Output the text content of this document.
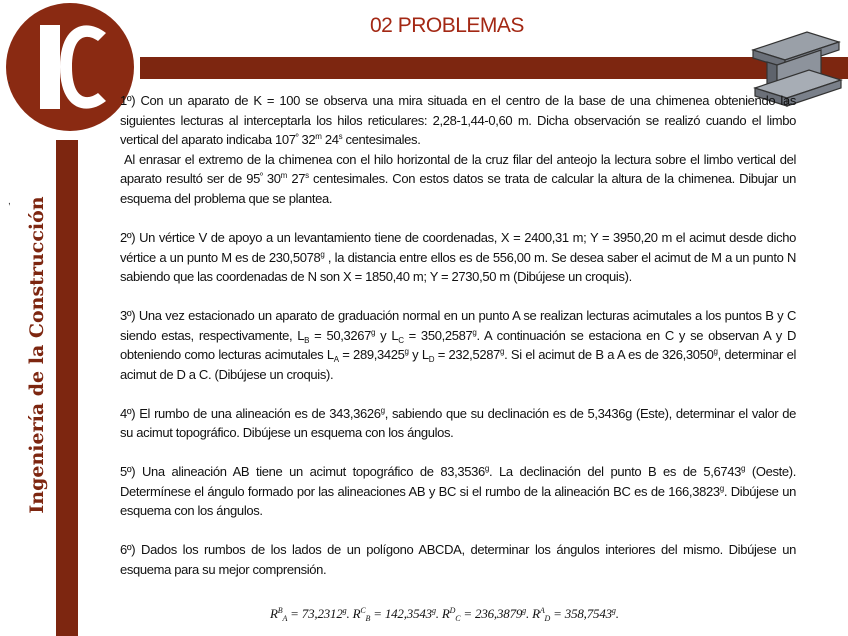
Ingeniería de la Construcción
,
,
02 PROBLEMAS

1º) Con un aparato de K = 100 se observa una mira situada en el centro de la base de una chimenea obteniendo las siguientes lecturas al interceptarla los hilos reticulares: 2,28-1,44-0,60 m. Dicha observación se realizó cuando el limbo vertical del aparato indicaba $107^º$ 32$^m$ 24$^s$ centesimales.
Al enrasar el extremo de la chimenea con el hilo horizontal de la cruz filar del anteojo la lectura sobre el limbo vertical del aparato resultó ser de $95^º$ 30$^m$ 27$^s$ centesimales. Con estos datos se trata de calcular la altura de la chimenea. Dibujar un esquema del problema que se plantea.

2º) Un vértice V de apoyo a un levantamiento tiene de coordenadas, X = 2400,31 m; Y = 3950,20 m el acimut desde dicho vértice a un punto M es de 230,5078$^g$ , la distancia entre ellos es de 556,00 m. Se desea saber el acimut de M a un punto N sabiendo que las coordenadas de N son X = 1850,40 m; Y = 2730,50 m (Dibújese un croquis).

3º) Una vez estacionado un aparato de graduación normal en un punto A se realizan lecturas acimutales a los puntos B y C siendo estas, respectivamente, $L_B = 50,3267^g$ y $L_C = 350,2587^g$. A continuación se estaciona en C y se observan A y D obteniendo como lecturas acimutales $L_A = 289,3425^g$ y $L_D = 232,5287^g$. Si el acimut de B a A es de 326,3050$^g$, determinar el acimut de D a C. (Dibújese un croquis).

4º) El rumbo de una alineación es de 343,3626$^g$, sabiendo que su declinación es de 5,3436g (Este), determinar el valor de su acimut topográfico. Dibújese un esquema con los ángulos.

5º) Una alineación AB tiene un acimut topográfico de 83,3536$^g$. La declinación del punto B es de 5,6743$^g$ (Oeste). Determínese el ángulo formado por las alineaciones AB y BC si el rumbo de la alineación BC es de 166,3823$^g$. Dibújese un esquema con los ángulos.

6º) Dados los rumbos de los lados de un polígono ABCDA, determinar los ángulos interiores del mismo. Dibújese un esquema para su mejor comprensión.

$R^B_A = 73,2312^g$. $R^C_B = 142,3543^g$. $R^D_C = 236,3879^g$. $R^A_D = 358,7543^g$.
